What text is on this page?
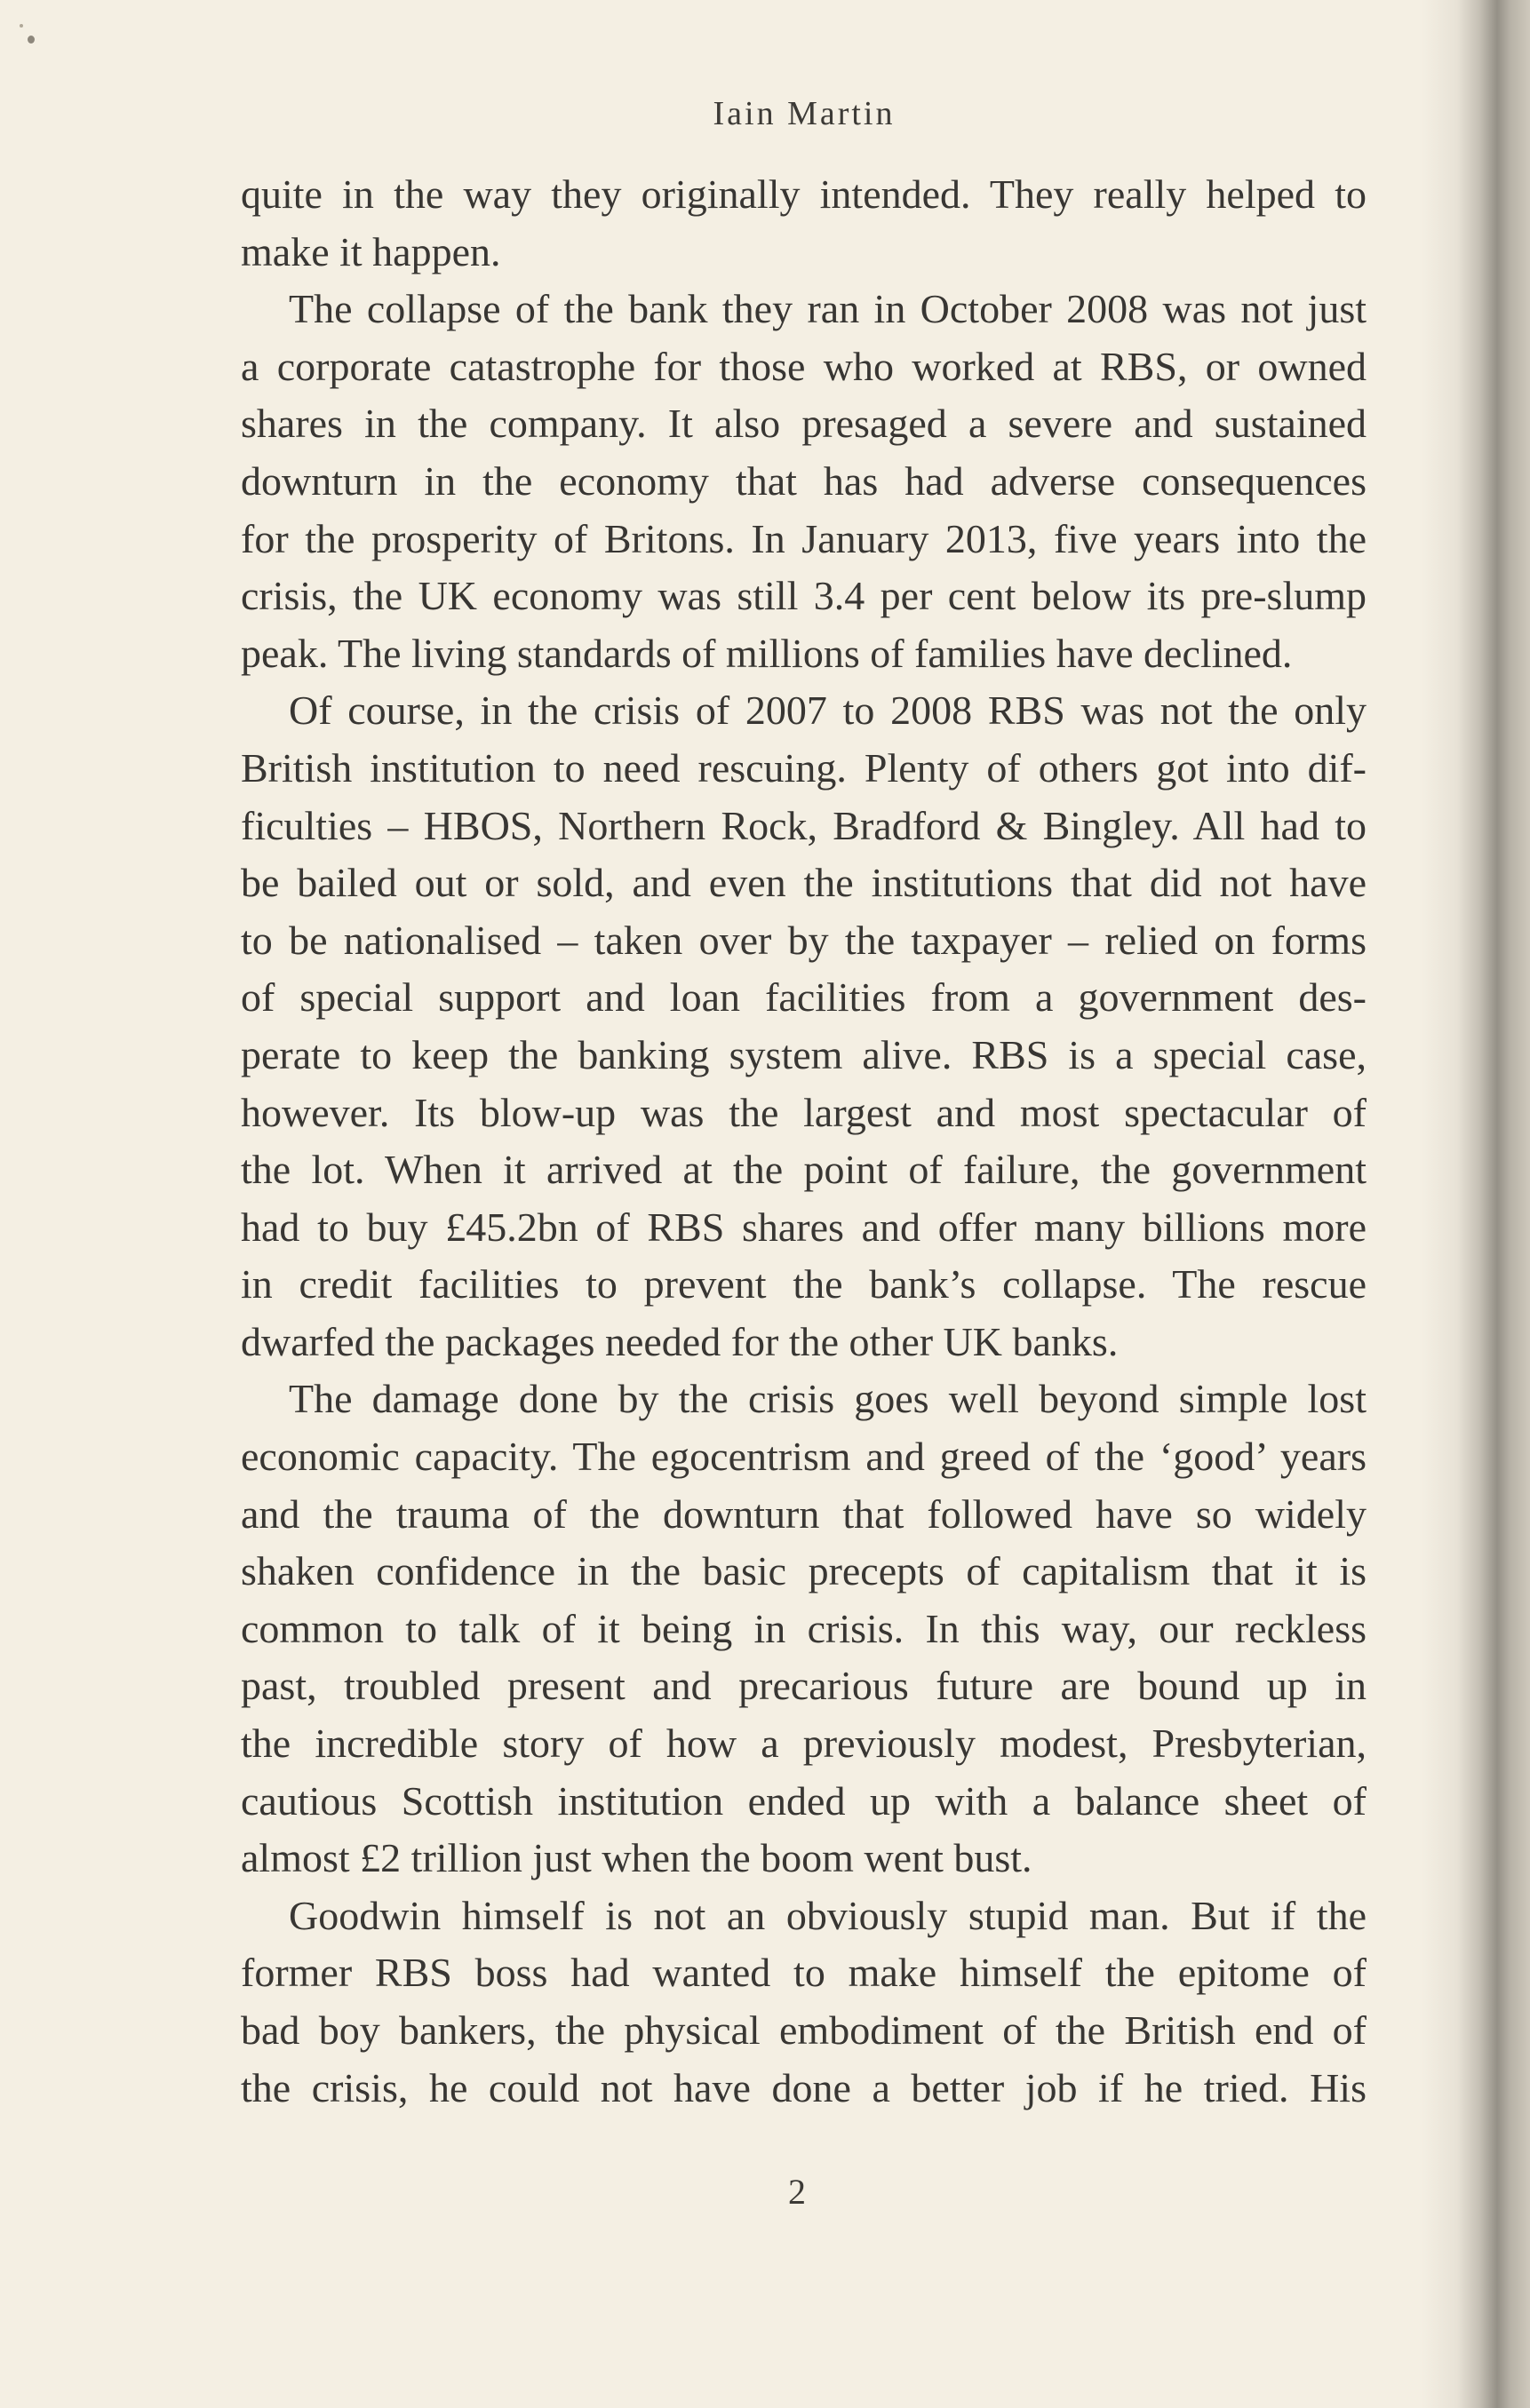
Iain Martin
quite in the way they originally intended. They really helped to
make it happen.
The collapse of the bank they ran in October 2008 was not just
a corporate catastrophe for those who worked at RBS, or owned
shares in the company. It also presaged a severe and sustained
downturn in the economy that has had adverse consequences
for the prosperity of Britons. In January 2013, five years into the
crisis, the UK economy was still 3.4 per cent below its pre-slump
peak. The living standards of millions of families have declined.
Of course, in the crisis of 2007 to 2008 RBS was not the only
British institution to need rescuing. Plenty of others got into dif-
ficulties – HBOS, Northern Rock, Bradford & Bingley. All had to
be bailed out or sold, and even the institutions that did not have
to be nationalised – taken over by the taxpayer – relied on forms
of special support and loan facilities from a government des-
perate to keep the banking system alive. RBS is a special case,
however. Its blow-up was the largest and most spectacular of
the lot. When it arrived at the point of failure, the government
had to buy £45.2bn of RBS shares and offer many billions more
in credit facilities to prevent the bank’s collapse. The rescue
dwarfed the packages needed for the other UK banks.
The damage done by the crisis goes well beyond simple lost
economic capacity. The egocentrism and greed of the ‘good’ years
and the trauma of the downturn that followed have so widely
shaken confidence in the basic precepts of capitalism that it is
common to talk of it being in crisis. In this way, our reckless
past, troubled present and precarious future are bound up in
the incredible story of how a previously modest, Presbyterian,
cautious Scottish institution ended up with a balance sheet of
almost £2 trillion just when the boom went bust.
Goodwin himself is not an obviously stupid man. But if the
former RBS boss had wanted to make himself the epitome of
bad boy bankers, the physical embodiment of the British end of
the crisis, he could not have done a better job if he tried. His
2
